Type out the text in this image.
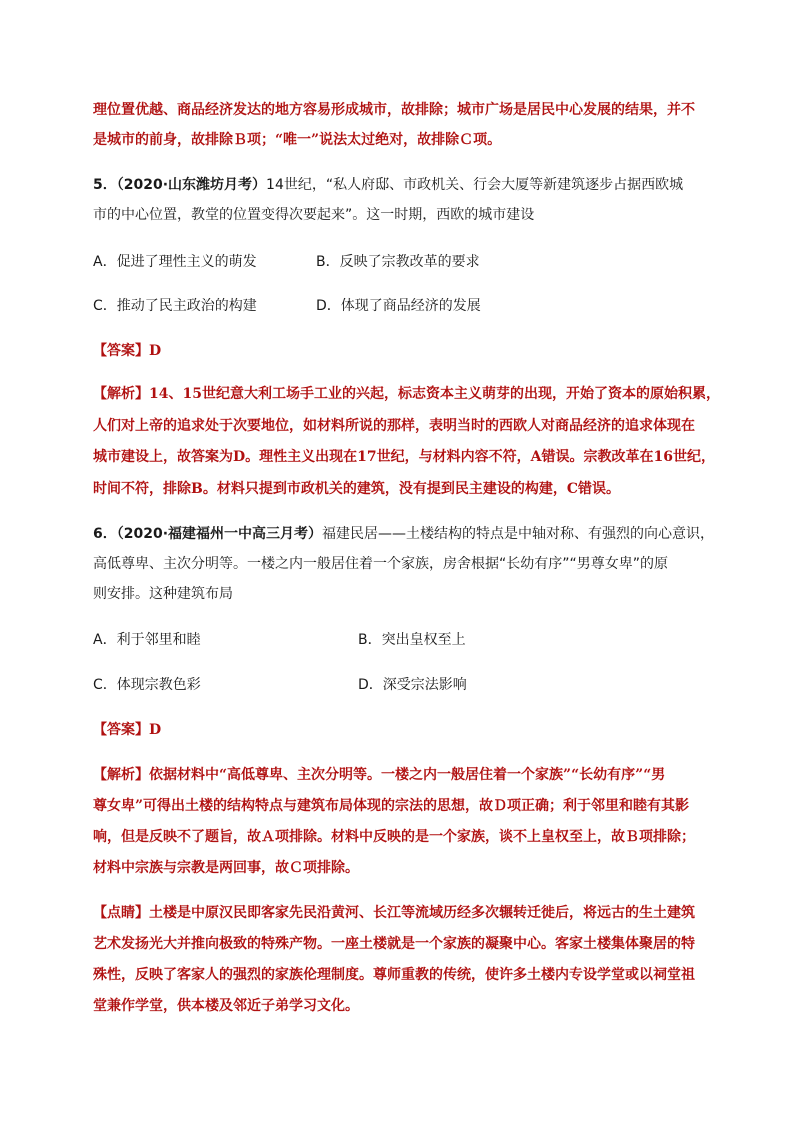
理位置优越、商品经济发达的地方容易形成城市，故排除；城市广场是居民中心发展的结果，并不
是城市的前身，故排除Ｂ项；“唯一”说法太过绝对，故排除Ｃ项。
5．（2020·山东潍坊月考）14世纪，“私人府邸、市政机关、行会大厦等新建筑逐步占据西欧城
市的中心位置，教堂的位置变得次要起来”。这一时期，西欧的城市建设
A．促进了理性主义的萌发	B．反映了宗教改革的要求
C．推动了民主政治的构建	D．体现了商品经济的发展
【答案】D
【解析】14、15世纪意大利工场手工业的兴起，标志资本主义萌芽的出现，开始了资本的原始积累，
人们对上帝的追求处于次要地位，如材料所说的那样，表明当时的西欧人对商品经济的追求体现在
城市建设上，故答案为D。理性主义出现在17世纪，与材料内容不符，A错误。宗教改革在16世纪，
时间不符，排除B。材料只提到市政机关的建筑，没有提到民主建设的构建，C错误。
6．（2020·福建福州一中高三月考）福建民居——土楼结构的特点是中轴对称、有强烈的向心意识，
高低尊卑、主次分明等。一楼之内一般居住着一个家族，房舍根据“长幼有序”“男尊女卑”的原
则安排。这种建筑布局
A．利于邻里和睦	B．突出皇权至上
C．体现宗教色彩	D．深受宗法影响
【答案】D
【解析】依据材料中“高低尊卑、主次分明等。一楼之内一般居住着一个家族”“长幼有序”“男
尊女卑”可得出土楼的结构特点与建筑布局体现的宗法的思想，故Ｄ项正确；利于邻里和睦有其影
响，但是反映不了题旨，故Ａ项排除。材料中反映的是一个家族，谈不上皇权至上，故Ｂ项排除；
材料中宗族与宗教是两回事，故Ｃ项排除。
【点睛】土楼是中原汉民即客家先民沿黄河、长江等流域历经多次辗转迁徙后，将远古的生土建筑
艺术发扬光大并推向极致的特殊产物。一座土楼就是一个家族的凝聚中心。客家土楼集体聚居的特
殊性，反映了客家人的强烈的家族伦理制度。尊师重教的传统，使许多土楼内专设学堂或以祠堂祖
堂兼作学堂，供本楼及邻近子弟学习文化。
